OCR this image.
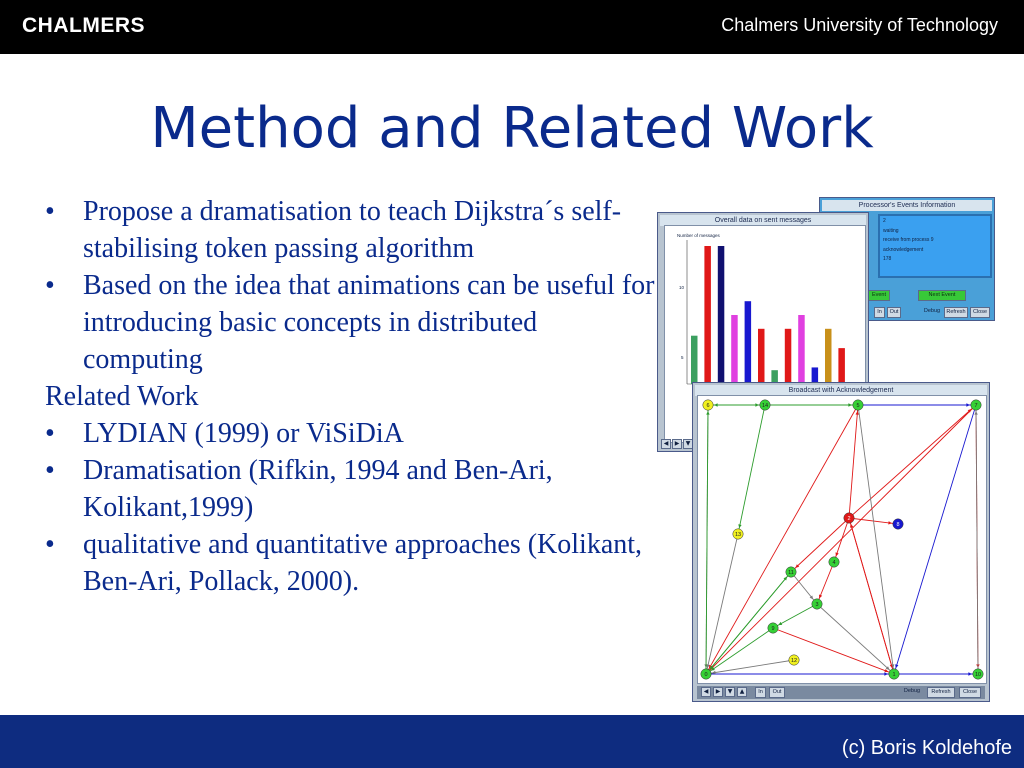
CHALMERS	Chalmers University of Technology
Method and Related Work
• Propose a dramatisation to teach Dijkstra´s self-stabilising token passing algorithm
• Based on the idea that animations can be useful for introducing basic concepts in distributed computing
Related Work
• LYDIAN (1999) or ViSiDiA
• Dramatisation (Rifkin, 1994 and Ben-Ari, Kolikant,1999)
• qualitative and quantitative approaches (Kolikant, Ben-Ari, Pollack, 2000).
Processor's Events Information
2
waiting
receive from process 9
acknowledgement
178
Event	Next Event
In	Out	Debug	Refresh	Close
Overall data on sent messages
Number of messages
10
5
◀	▶	▼
Broadcast with Acknowledgement
6	14	5	7
13
2
8
4
11
3
9
12
0	1	10
◀	▶	▼	▲	In	Out	Debug	Refresh	Close
(c) Boris Koldehofe
